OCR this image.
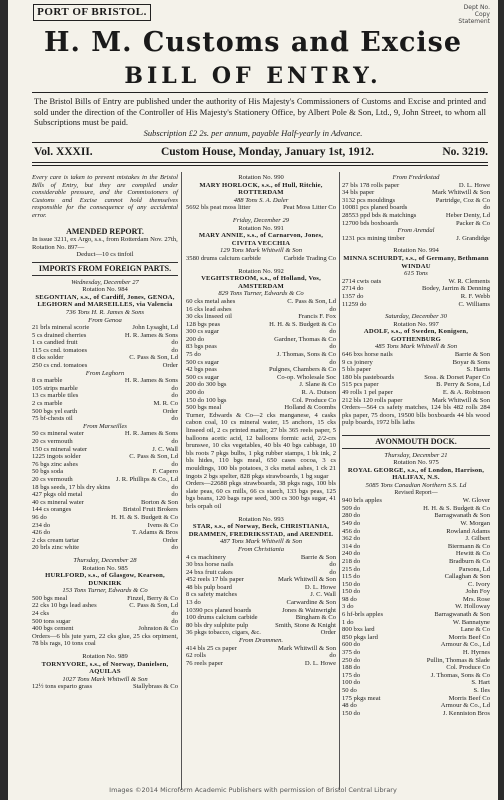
PORT OF BRISTOL.	Dept No.
Copy
Statement
H. M. Customs and Excise
BILL OF ENTRY.
The Bristol Bills of Entry are published under the authority of His Majesty's Commissioners of Customs and Excise and printed and sold under the direction of the Controller of His Majesty's Stationery Office, by Albert Pole & Son, Ltd., 9, John Street, to whom all Subscriptions must be paid.
Subscription £2 2s. per annum, payable Half-yearly in Advance.
Vol. XXXII.	Custom House, Monday, January 1st, 1912.	No. 3219.

Every care is taken to prevent mistakes in the Bristol Bills of Entry, but they are compiled under considerable pressure, and the Commissioners of Customs and Excise cannot hold themselves responsible for the consequence of any accidental error.

AMENDED REPORT.

In issue 3211, ex Argo, s.s., from Rotterdam Nov. 27th, Rotation No. 897—

Deduct—10 cs tinfoil

IMPORTS FROM FOREIGN PARTS.

Wednesday, December 27

Rotation No. 984

SEGONTIAN, s.s., of Cardiff, Jones, GENOA, LEGHORN and MARSEILLES, via Valencia

736 Tons H. R. James & Sons

From Genoa

21 brls mineral scorie	John Lysaght, Ld
5 cs drained cherries	H. R. James & Sons
1 cs candied fruit	do
115 cs cnd. tomatoes	do
8 cks solder	C. Pass & Son, Ld
250 cs cnd. tomatoes	Order

From Leghorn

8 cs marble	H. R. James & Sons
105 strips marble	do
13 cs marble tiles	do
2 cs marble	M. R. Co
500 bgs yel earth	Order
75 bf-chests oil	do

From Marseilles

50 cs mineral water	H. R. James & Sons
20 cs vermouth	do
150 cs mineral water	J. C. Wall
1225 ingots solder	C. Pass & Son, Ld
76 bgs zinc ashes	do
50 bgs soda	F. Capero
20 cs vermouth	J. R. Phillips & Co., Ld
18 bgs seeds, 17 bls dry skins	do
427 pkgs old metal	do
40 cs mineral water	Borton & Son
144 cs oranges	Bristol Fruit Brokers
96 do	H. H. & S. Budgett & Co
234 do	Ivens & Co
426 do	T. Adams & Bros
2 cks cream tartar	Order
20 brls zinc white	do

Thursday, December 28

Rotation No. 985

HURLFORD, s.s., of Glasgow, Kearson, DUNKIRK

153 Tons Turner, Edwards & Co

500 bgs meal	Finzel, Berry & Co
22 cks 10 bgs lead ashes	C. Pass & Son, Ld
24 cks	do
500 tons sugar	do
400 bgs cement	Johnston & Co

Orders—6 bls jute yarn, 22 cks glue, 25 cks orpiment, 78 bls rags, 10 tons coal

Rotation No. 989

TORNYVORE, s.s., of Norway, Danielsen, AQUILAS

1027 Tons Mark Whitwill & Son

12½ tons esparto grass	Stallybrass & Co

Rotation No. 990

MARY HORLOCK, s.s., of Hull, Ritchie, ROTTERDAM

488 Tons S. A. Daler

5692 bls peat moss litter	Peat Moss Litter Co

Friday, December 29

Rotation No. 991

MARY ANNIE, s.s., of Carnarvon, Jones, CIVITA VECCHIA

129 Tons Mark Whitwill & Son

3580 drums calcium carbide	Carbide Trading Co

Rotation No. 992

VEGHTSTROOM, s.s., of Holland, Vos, AMSTERDAM

829 Tons Turner, Edwards & Co

60 cks metal ashes	C. Pass & Son, Ld
16 cks lead ashes	do
30 cks linseed oil	Francis F. Fox
128 bgs peas	H. H. & S. Budgett & Co
300 cs sugar	do
200 do	Gardner, Thomas & Co
83 bgs peas	do
75 do	J. Thomas, Sons & Co
500 cs sugar	do
42 bgs peas	Pulgnes, Chambers & Co
500 cs sugar	Co-op. Wholesale Soc
200 do 300 bgs	J. Slane & Co
200 do	R. A. Dutson
150 do 100 bgs	Col. Produce Co
500 bgs meal	Holland & Coombs

Turner, Edwards & Co—2 cks manganese, 4 casks cabon coal, 10 cs mineral water, 15 anchors, 15 cks linseed oil, 2 cs printed matter, 27 bls 365 reels paper, 5 balloons acetic acid, 12 balloons formic acid, 2/2-crs brunswe, 10 cks vegetables, 40 bls 40 bgs cabbage, 10 bls roots 7 pkgs bulbs, 1 pkg rubber stamps, 1 bk ink, 2 bls hides, 110 bgs meal, 650 cases cocoa, 3 cs mouldings, 100 bls potatoes, 3 cks metal ashes, 1 ck 21 ingots 2 bgs spelter, 828 pkgs strawboards, 1 bg sugar

Orders—22688 pkgs strawboards, 38 pkgs rags, 100 bls slate peas, 60 cs mills, 66 cs starch, 133 bgs peas, 125 bgs beans, 120 bags rape seed, 300 cs 300 bgs sugar, 41 brls orpah oil

Rotation No. 993

STAR, s.s., of Norway, Beck, CHRISTIANIA, DRAMMEN, FREDRIKSSTAD, and ARENDEL

487 Tons Mark Whitwill & Son

From Christiania

4 cs machinery	Barrie & Son
30 bxs horse nails	do
24 bxs fruit cakes	do
452 reels 17 bls paper	Mark Whitwill & Son
48 bls pulp board	D. L. Howe
8 cs safety matches	J. C. Wall
13 do	Carwardine & Son
10390 pcs planed boards	Jones & Wainwright
100 drums calcium carbide	Bingham & Co
80 bls dry sulphite pulp	Smith, Stone & Knight
36 pkgs tobacco, cigars, &c.	Order

From Drammen.

414 bls 25 cs paper	Mark Whitwill & Son
62 rolls	do
76 reels paper	D. L. Howe

From Fredrikstad

27 bls 178 rolls paper	D. L. Howe
34 bls paper	Mark Whitwill & Son
3132 pcs mouldings	Partridge, Coz & Co
10081 pcs planed boards	do
28553 ppd bds & matchings	Heber Denty, Ld
12700 bds boxboards	Packer & Co

From Arendal

1231 pcs mining timber	J. Grandidge

Rotation No. 994

MINNA SCHURDT, s.s., of Germany, Bethmann WINDAU

615 Tons

2714 cwts oats	W. R. Clements
2714 do	Bodey, Jarrim & Denning
1357 do	R. F. Webb
11259 do	C. Williams

Saturday, December 30

Rotation No. 997

ADOLF, s.s., of Sweden, Konigsen, GOTHENBURG

485 Tons Mark Whitwill & Son

646 bxs horse nails	Barrie & Son
9 cs joinery	Boyar & Sons
5 bls paper	S. Harris
180 bls pasteboards	Soss. & Dorset Paper Co
515 pcs paper	B. Perry & Sons, Ld
49 rolls 1 pel paper	E. & A. Robinson
212 bls 120 rolls paper	Mark Whitwill & Son

Orders—564 cs safety matches, 124 bls 482 rolls 284 pks paper, 75 doors, 19500 blls boxboards 44 bls wood pulp boards, 1972 blls laths

AVONMOUTH DOCK.

Thursday, December 21

Rotation No. 975

ROYAL GEORGE, s.s., of London, Harrison, HALIFAX, N.S.

5085 Tons Canadian Northern S.S. Ld

Revised Report—

940 brls apples	W. Glover
509 do	H. H. & S. Budgett & Co
280 do	Barragwanath & Son
549 do	W. Morgan
456 do	Rowland Adams
362 do	J. Gilbert
314 do	Biermann & Co
240 do	Hewitt & Co
218 do	Bradburn & Co
215 do	Parsons, Ld
115 do	Callaghan & Son
150 do	C. Ivory
150 do	John Foy
98 do	Mrs. Rose
3 do	W. Holloway
6 hf-brls apples	Barragwanath & Son
1 do	W. Bannatyne
800 bxs lard	Lane & Co
850 pkgs lard	Morris Beef Co
600 do	Armour & Co., Ld
375 do	H. Hyrnes
250 do	Pullin, Thomas & Slade
188 do	Col. Produce Co
175 do	J. Thomas, Sons & Co
100 do	S. Hart
50 do	S. Iles
175 pkgs meat	Morris Beef Co
48 do	Armour & Co., Ld
150 do	J. Kenniston Bros
Images ©2014 Microform Academic Publishers with permission of Bristol Central Library
